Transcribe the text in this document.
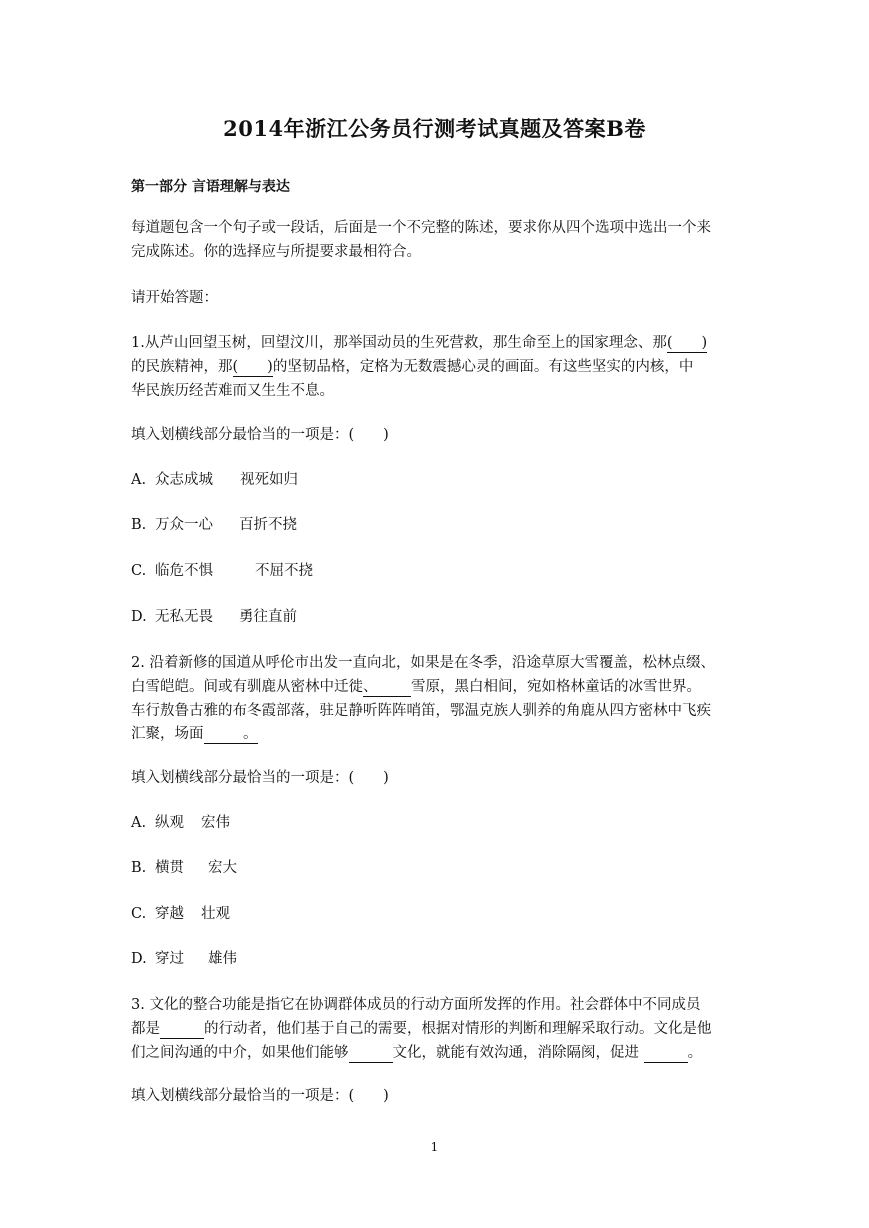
2014年浙江公务员行测考试真题及答案B卷
第一部分 言语理解与表达
每道题包含一个句子或一段话，后面是一个不完整的陈述，要求你从四个选项中选出一个来
完成陈述。你的选择应与所提要求最相符合。
请开始答题：
1.从芦山回望玉树，回望汶川，那举国动员的生死营救，那生命至上的国家理念、那(　　)
的民族精神，那(　　)的坚韧品格，定格为无数震撼心灵的画面。有这些坚实的内核，中
华民族历经苦难而又生生不息。
填入划横线部分最恰当的一项是：(　　)
A. 众志成城 视死如归
B. 万众一心 百折不挠
C. 临危不惧	不屈不挠
D. 无私无畏 勇往直前
2. 沿着新修的国道从呼伦市出发一直向北，如果是在冬季，沿途草原大雪覆盖，松林点缀、
白雪皑皑。间或有驯鹿从密林中迁徙、 雪原，黑白相间，宛如格林童话的冰雪世界。
车行敖鲁古雅的布冬霞部落，驻足静听阵阵哨笛，鄂温克族人驯养的角鹿从四方密林中飞疾
汇聚，场面	。
填入划横线部分最恰当的一项是：(　　)
A. 纵观 宏伟
B. 横贯 宏大
C. 穿越 壮观
D. 穿过 雄伟
3. 文化的整合功能是指它在协调群体成员的行动方面所发挥的作用。社会群体中不同成员
都是	的行动者，他们基于自己的需要，根据对情形的判断和理解采取行动。文化是他
们之间沟通的中介，如果他们能够	文化，就能有效沟通，消除隔阂，促进	。
填入划横线部分最恰当的一项是：(　　)
1
